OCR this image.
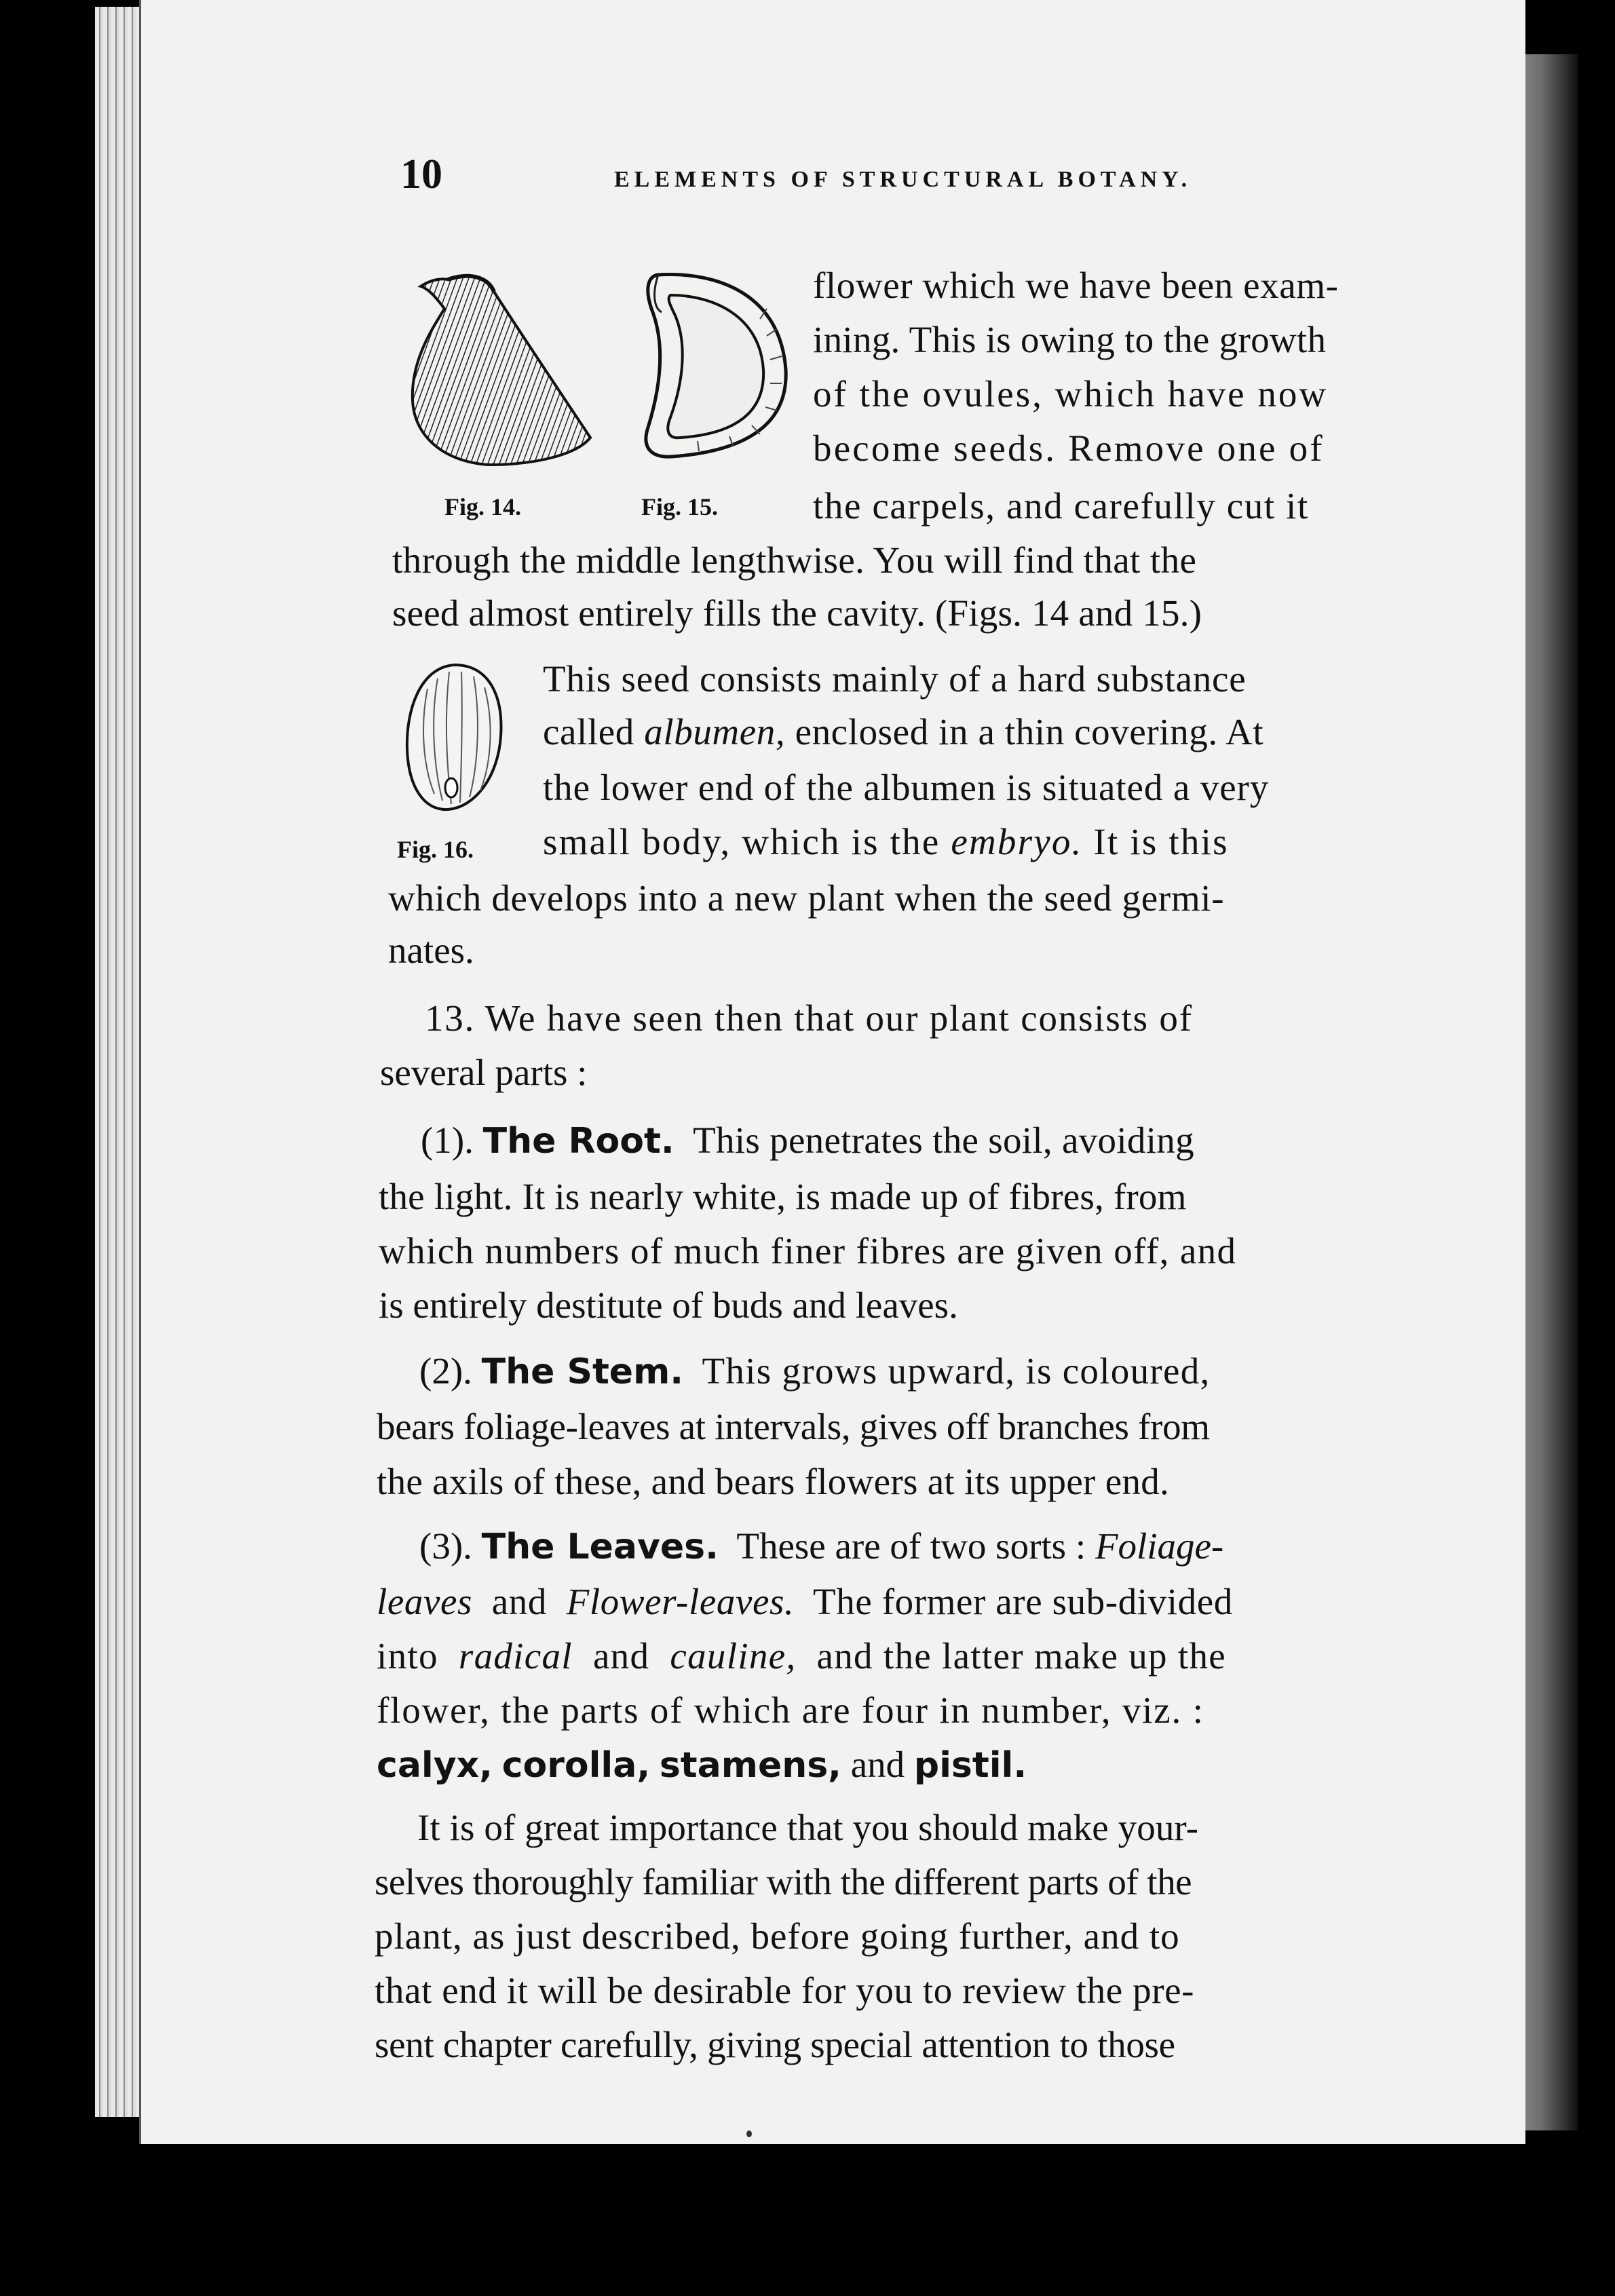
10	ELEMENTS OF STRUCTURAL BOTANY.
Fig. 14.	Fig. 15.
flower which we have been exam-
ining. This is owing to the growth
of the ovules, which have now
become seeds. Remove one of
the carpels, and carefully cut it
through the middle lengthwise. You will find that the
seed almost entirely fills the cavity. (Figs. 14 and 15.)
Fig. 16.
This seed consists mainly of a hard substance
called albumen, enclosed in a thin covering. At
the lower end of the albumen is situated a very
small body, which is the embryo. It is this
which develops into a new plant when the seed germi-
nates.
13. We have seen then that our plant consists of
several parts :
(1). The Root. This penetrates the soil, avoiding
the light. It is nearly white, is made up of fibres, from
which numbers of much finer fibres are given off, and
is entirely destitute of buds and leaves.
(2). The Stem. This grows upward, is coloured,
bears foliage-leaves at intervals, gives off branches from
the axils of these, and bears flowers at its upper end.
(3). The Leaves. These are of two sorts : Foliage-
leaves and Flower-leaves. The former are sub-divided
into radical and cauline, and the latter make up the
flower, the parts of which are four in number, viz. :
calyx, corolla, stamens, and pistil.
It is of great importance that you should make your-
selves thoroughly familiar with the different parts of the
plant, as just described, before going further, and to
that end it will be desirable for you to review the pre-
sent chapter carefully, giving special attention to those
